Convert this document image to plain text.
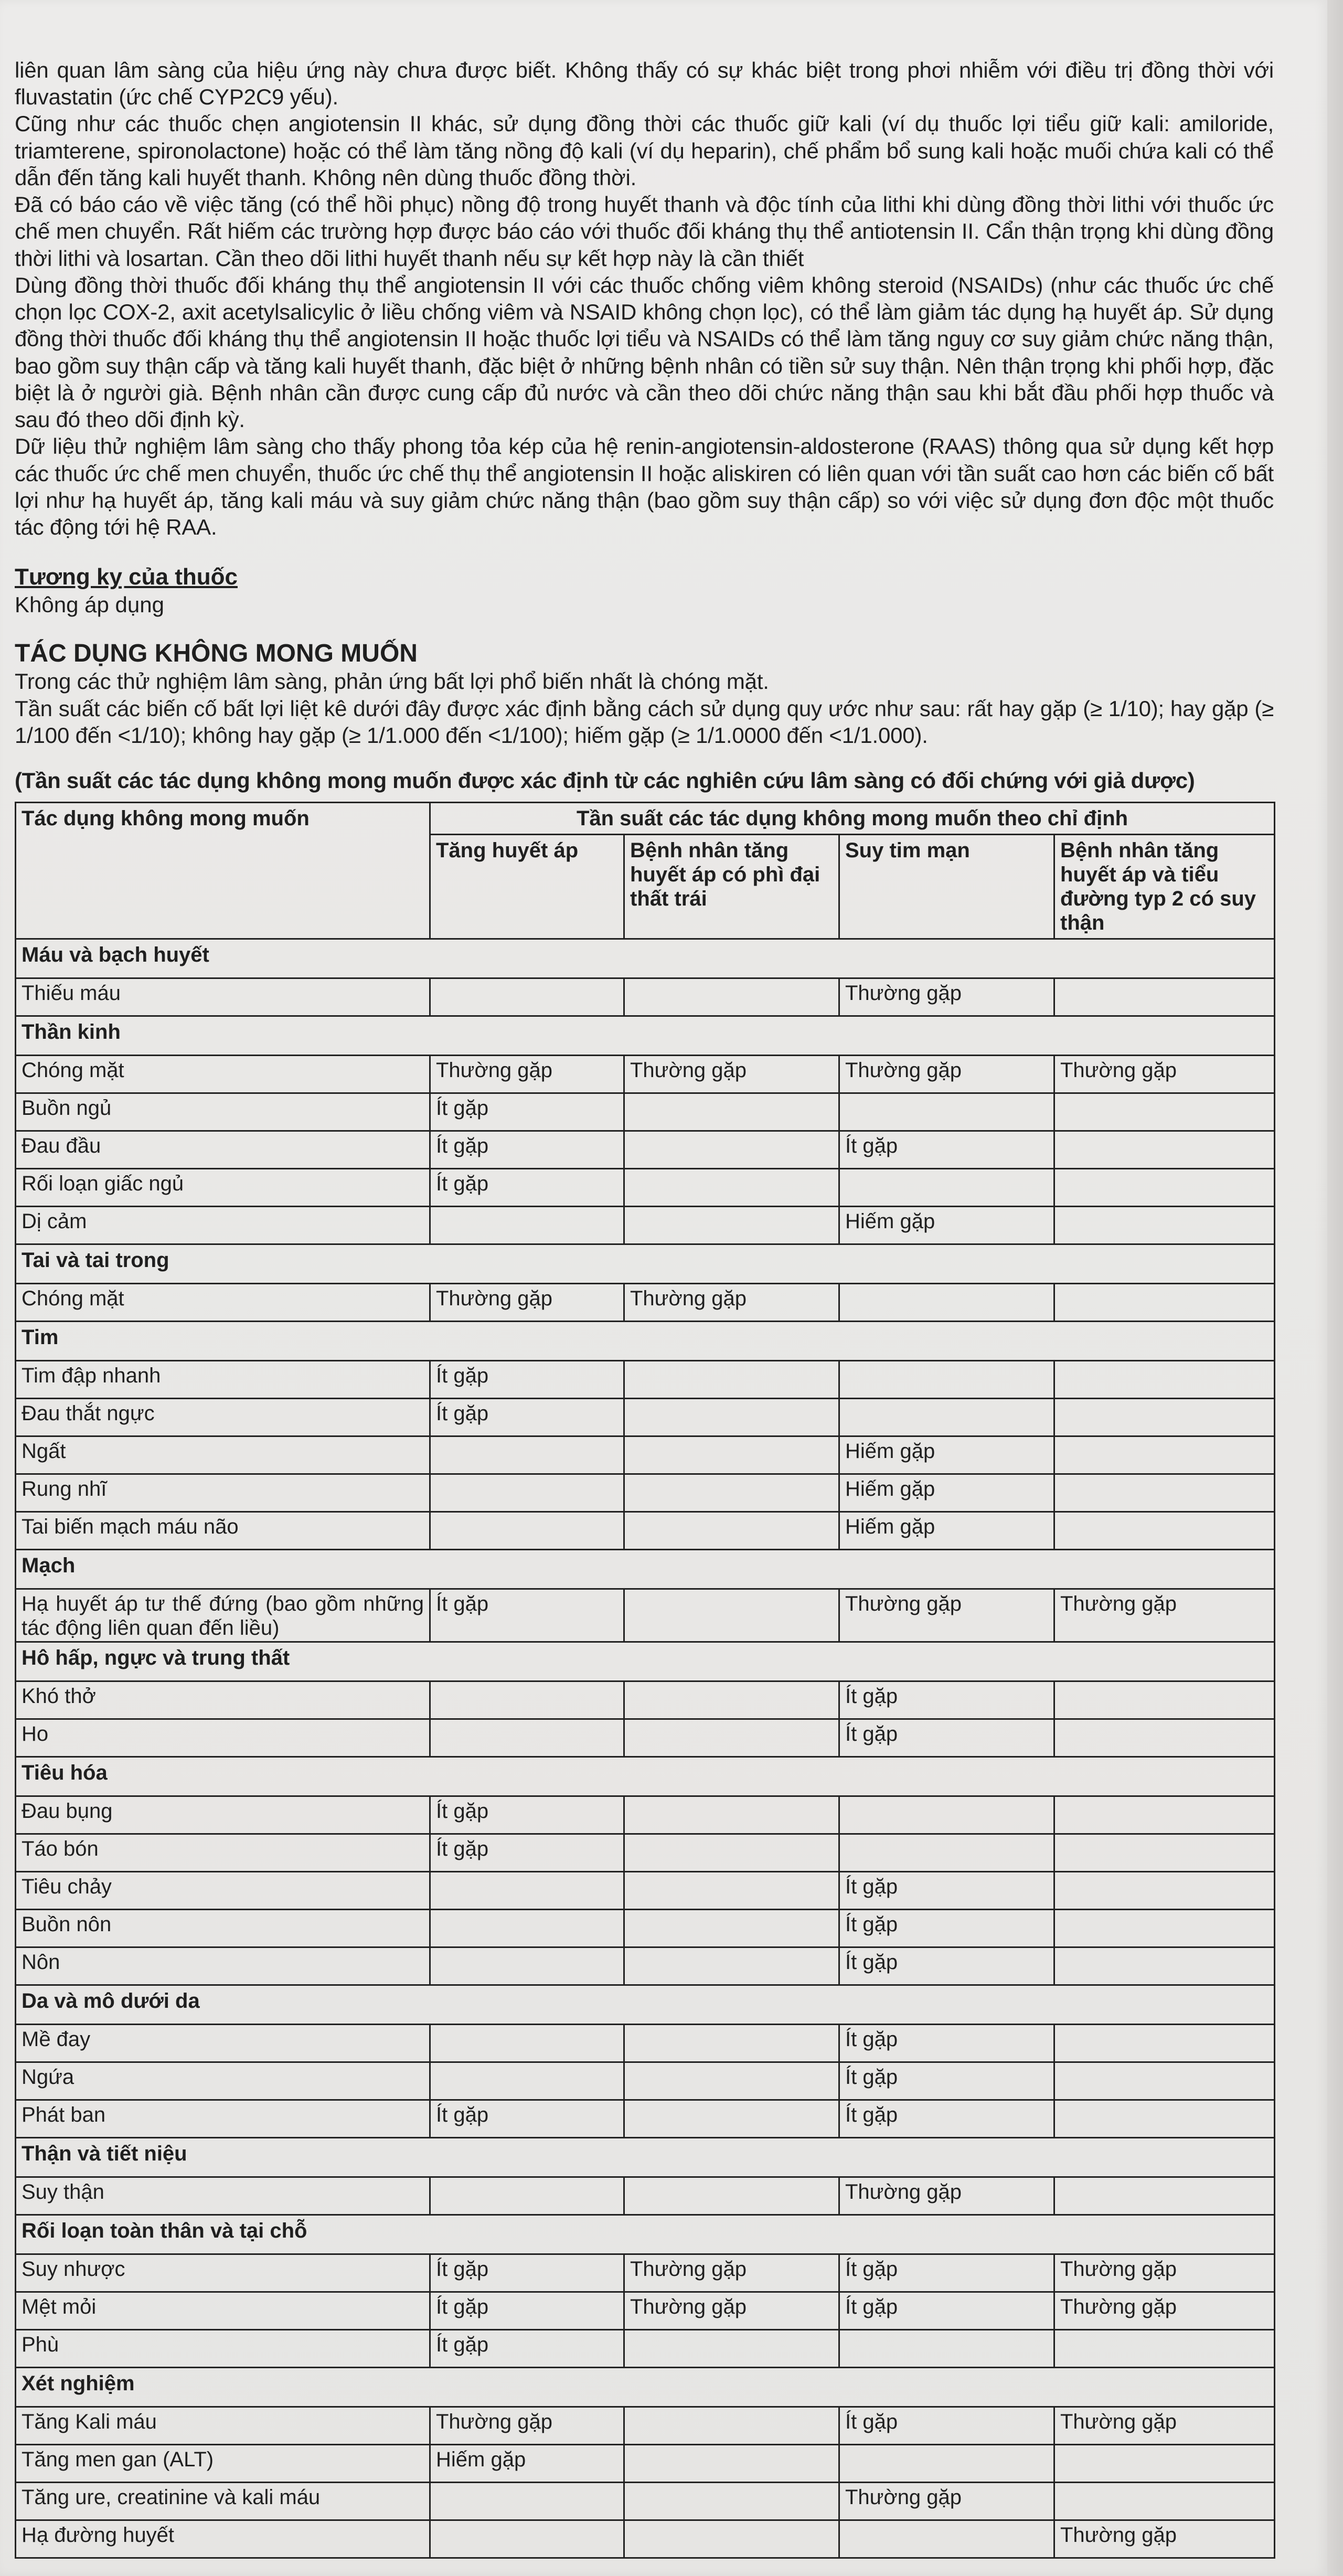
liên quan lâm sàng của hiệu ứng này chưa được biết. Không thấy có sự khác biệt trong phơi nhiễm với điều trị đồng thời với fluvastatin (ức chế CYP2C9 yếu).

Cũng như các thuốc chẹn angiotensin II khác, sử dụng đồng thời các thuốc giữ kali (ví dụ thuốc lợi tiểu giữ kali: amiloride, triamterene, spironolactone) hoặc có thể làm tăng nồng độ kali (ví dụ heparin), chế phẩm bổ sung kali hoặc muối chứa kali có thể dẫn đến tăng kali huyết thanh. Không nên dùng thuốc đồng thời.

Đã có báo cáo về việc tăng (có thể hồi phục) nồng độ trong huyết thanh và độc tính của lithi khi dùng đồng thời lithi với thuốc ức chế men chuyển. Rất hiếm các trường hợp được báo cáo với thuốc đối kháng thụ thể antiotensin II. Cẩn thận trọng khi dùng đồng thời lithi và losartan. Cần theo dõi lithi huyết thanh nếu sự kết hợp này là cần thiết

Dùng đồng thời thuốc đối kháng thụ thể angiotensin II với các thuốc chống viêm không steroid (NSAIDs) (như các thuốc ức chế chọn lọc COX-2, axit acetylsalicylic ở liều chống viêm và NSAID không chọn lọc), có thể làm giảm tác dụng hạ huyết áp. Sử dụng đồng thời thuốc đối kháng thụ thể angiotensin II hoặc thuốc lợi tiểu và NSAIDs có thể làm tăng nguy cơ suy giảm chức năng thận, bao gồm suy thận cấp và tăng kali huyết thanh, đặc biệt ở những bệnh nhân có tiền sử suy thận. Nên thận trọng khi phối hợp, đặc biệt là ở người già. Bệnh nhân cần được cung cấp đủ nước và cần theo dõi chức năng thận sau khi bắt đầu phối hợp thuốc và sau đó theo dõi định kỳ.

Dữ liệu thử nghiệm lâm sàng cho thấy phong tỏa kép của hệ renin-angiotensin-aldosterone (RAAS) thông qua sử dụng kết hợp các thuốc ức chế men chuyển, thuốc ức chế thụ thể angiotensin II hoặc aliskiren có liên quan với tần suất cao hơn các biến cố bất lợi như hạ huyết áp, tăng kali máu và suy giảm chức năng thận (bao gồm suy thận cấp) so với việc sử dụng đơn độc một thuốc tác động tới hệ RAA.

Tương kỵ của thuốc
Không áp dụng
TÁC DỤNG KHÔNG MONG MUỐN

Trong các thử nghiệm lâm sàng, phản ứng bất lợi phổ biến nhất là chóng mặt.

Tần suất các biến cố bất lợi liệt kê dưới đây được xác định bằng cách sử dụng quy ước như sau: rất hay gặp (≥ 1/10); hay gặp (≥ 1/100 đến <1/10); không hay gặp (≥ 1/1.000 đến <1/100); hiếm gặp (≥ 1/1.0000 đến <1/1.000).

(Tần suất các tác dụng không mong muốn được xác định từ các nghiên cứu lâm sàng có đối chứng với giả dược)
Tác dụng không mong muốn	Tần suất các tác dụng không mong muốn theo chỉ định			
	Tăng huyết áp	Bệnh nhân tăng huyết áp có phì đại thất trái	Suy tim mạn	Bệnh nhân tăng huyết áp và tiểu đường typ 2 có suy thận
Máu và bạch huyết				
Thiếu máu			Thường gặp	
Thần kinh				
Chóng mặt	Thường gặp	Thường gặp	Thường gặp	Thường gặp
Buồn ngủ	Ít gặp			
Đau đầu	Ít gặp		Ít gặp	
Rối loạn giấc ngủ	Ít gặp			
Dị cảm			Hiếm gặp	
Tai và tai trong				
Chóng mặt	Thường gặp	Thường gặp		
Tim				
Tim đập nhanh	Ít gặp			
Đau thắt ngực	Ít gặp			
Ngất			Hiếm gặp	
Rung nhĩ			Hiếm gặp	
Tai biến mạch máu não			Hiếm gặp	
Mạch				
Hạ huyết áp tư thế đứng (bao gồm những tác động liên quan đến liều)	Ít gặp		Thường gặp	Thường gặp
Hô hấp, ngực và trung thất				
Khó thở			Ít gặp	
Ho			Ít gặp	
Tiêu hóa				
Đau bụng	Ít gặp			
Táo bón	Ít gặp			
Tiêu chảy			Ít gặp	
Buồn nôn			Ít gặp	
Nôn			Ít gặp	
Da và mô dưới da				
Mề đay			Ít gặp	
Ngứa			Ít gặp	
Phát ban	Ít gặp		Ít gặp	
Thận và tiết niệu				
Suy thận			Thường gặp	
Rối loạn toàn thân và tại chỗ				
Suy nhược	Ít gặp	Thường gặp	Ít gặp	Thường gặp
Mệt mỏi	Ít gặp	Thường gặp	Ít gặp	Thường gặp
Phù	Ít gặp			
Xét nghiệm				
Tăng Kali máu	Thường gặp		Ít gặp	Thường gặp
Tăng men gan (ALT)	Hiếm gặp			
Tăng ure, creatinine và kali máu			Thường gặp	
Hạ đường huyết				Thường gặp
